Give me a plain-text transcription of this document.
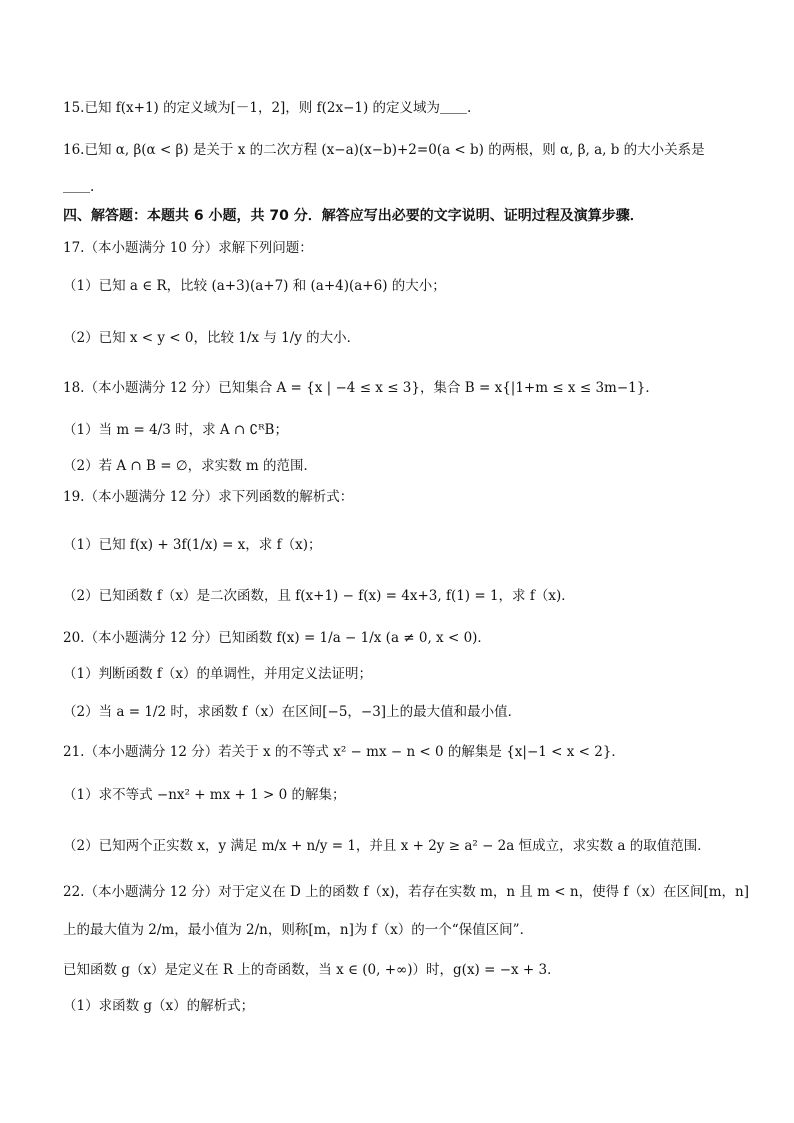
15.已知 f(x+1) 的定义域为[－1，2]，则 f(2x−1) 的定义域为＿＿.
16.已知 α, β(α < β) 是关于 x 的二次方程 (x−a)(x−b)+2=0(a < b) 的两根，则 α, β, a, b 的大小关系是
＿＿.
四、解答题：本题共 6 小题，共 70 分．解答应写出必要的文字说明、证明过程及演算步骤．
17.（本小题满分 10 分）求解下列问题：
（1）已知 a ∈ R，比较 (a+3)(a+7) 和 (a+4)(a+6) 的大小；
（2）已知 x < y < 0，比较 1/x 与 1/y 的大小．
18.（本小题满分 12 分）已知集合 A = {x | −4 ≤ x ≤ 3}，集合 B = x{|1+m ≤ x ≤ 3m−1}．
（1）当 m = 4/3 时，求 A ∩ ∁ᴿB；
（2）若 A ∩ B = ∅，求实数 m 的范围．
19.（本小题满分 12 分）求下列函数的解析式：
（1）已知 f(x) + 3f(1/x) = x，求 f（x)；
（2）已知函数 f（x）是二次函数，且 f(x+1) − f(x) = 4x+3, f(1) = 1，求 f（x)．
20.（本小题满分 12 分）已知函数 f(x) = 1/a − 1/x (a ≠ 0, x < 0)．
（1）判断函数 f（x）的单调性，并用定义法证明；
（2）当 a = 1/2 时，求函数 f（x）在区间[−5，−3]上的最大值和最小值．
21.（本小题满分 12 分）若关于 x 的不等式 x² − mx − n < 0 的解集是 {x|−1 < x < 2}．
（1）求不等式 −nx² + mx + 1 > 0 的解集；
（2）已知两个正实数 x，y 满足 m/x + n/y = 1，并且 x + 2y ≥ a² − 2a 恒成立，求实数 a 的取值范围．
22.（本小题满分 12 分）对于定义在 D 上的函数 f（x)，若存在实数 m，n 且 m < n，使得 f（x）在区间[m，n]
上的最大值为 2/m，最小值为 2/n，则称[m，n]为 f（x）的一个“保值区间”．
已知函数 g（x）是定义在 R 上的奇函数，当 x ∈ (0, +∞)）时，g(x) = −x + 3．
（1）求函数 g（x）的解析式；
